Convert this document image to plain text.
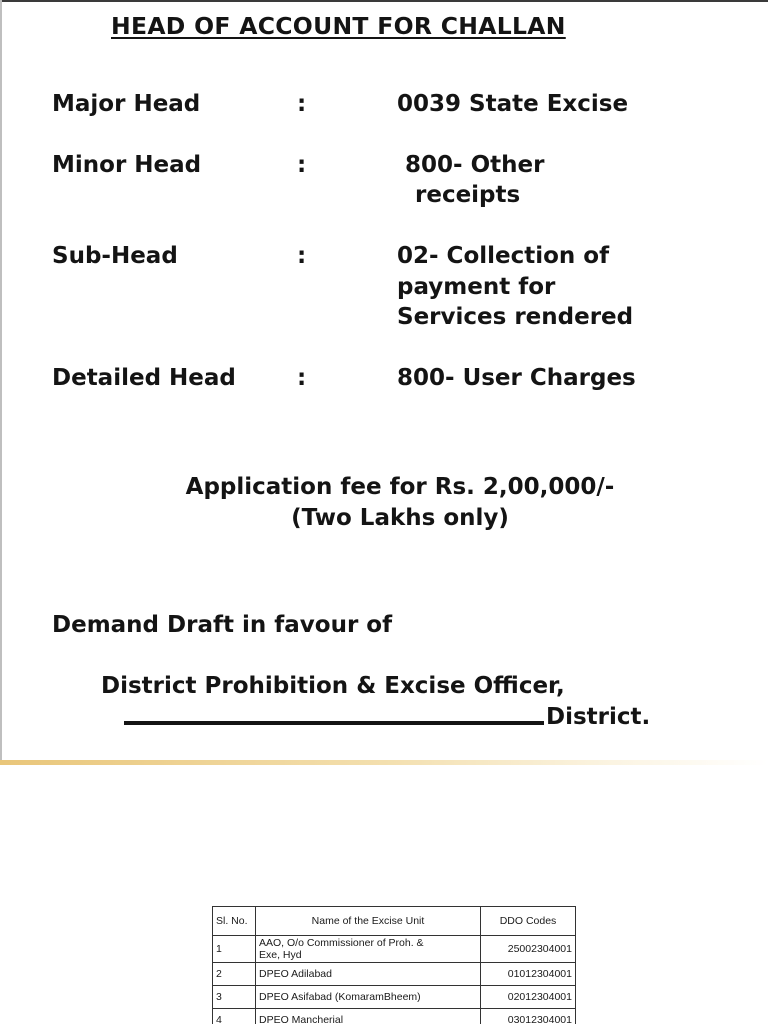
HEAD OF ACCOUNT FOR CHALLAN
Major Head	:	0039 State Excise
Minor Head	:	800- Other
receipts
Sub-Head	:	02- Collection of
payment for
Services rendered
Detailed Head	:	800- User Charges
Application fee for Rs. 2,00,000/-
(Two Lakhs only)
Demand Draft in favour of
District Prohibition & Excise Officer,
District.
Sl. No.	Name of the Excise Unit	DDO Codes
1	AAO, O/o Commissioner of Proh. &
Exe, Hyd	25002304001
2	DPEO Adilabad	01012304001
3	DPEO Asifabad (KomaramBheem)	02012304001
4	DPEO Mancherial	03012304001
